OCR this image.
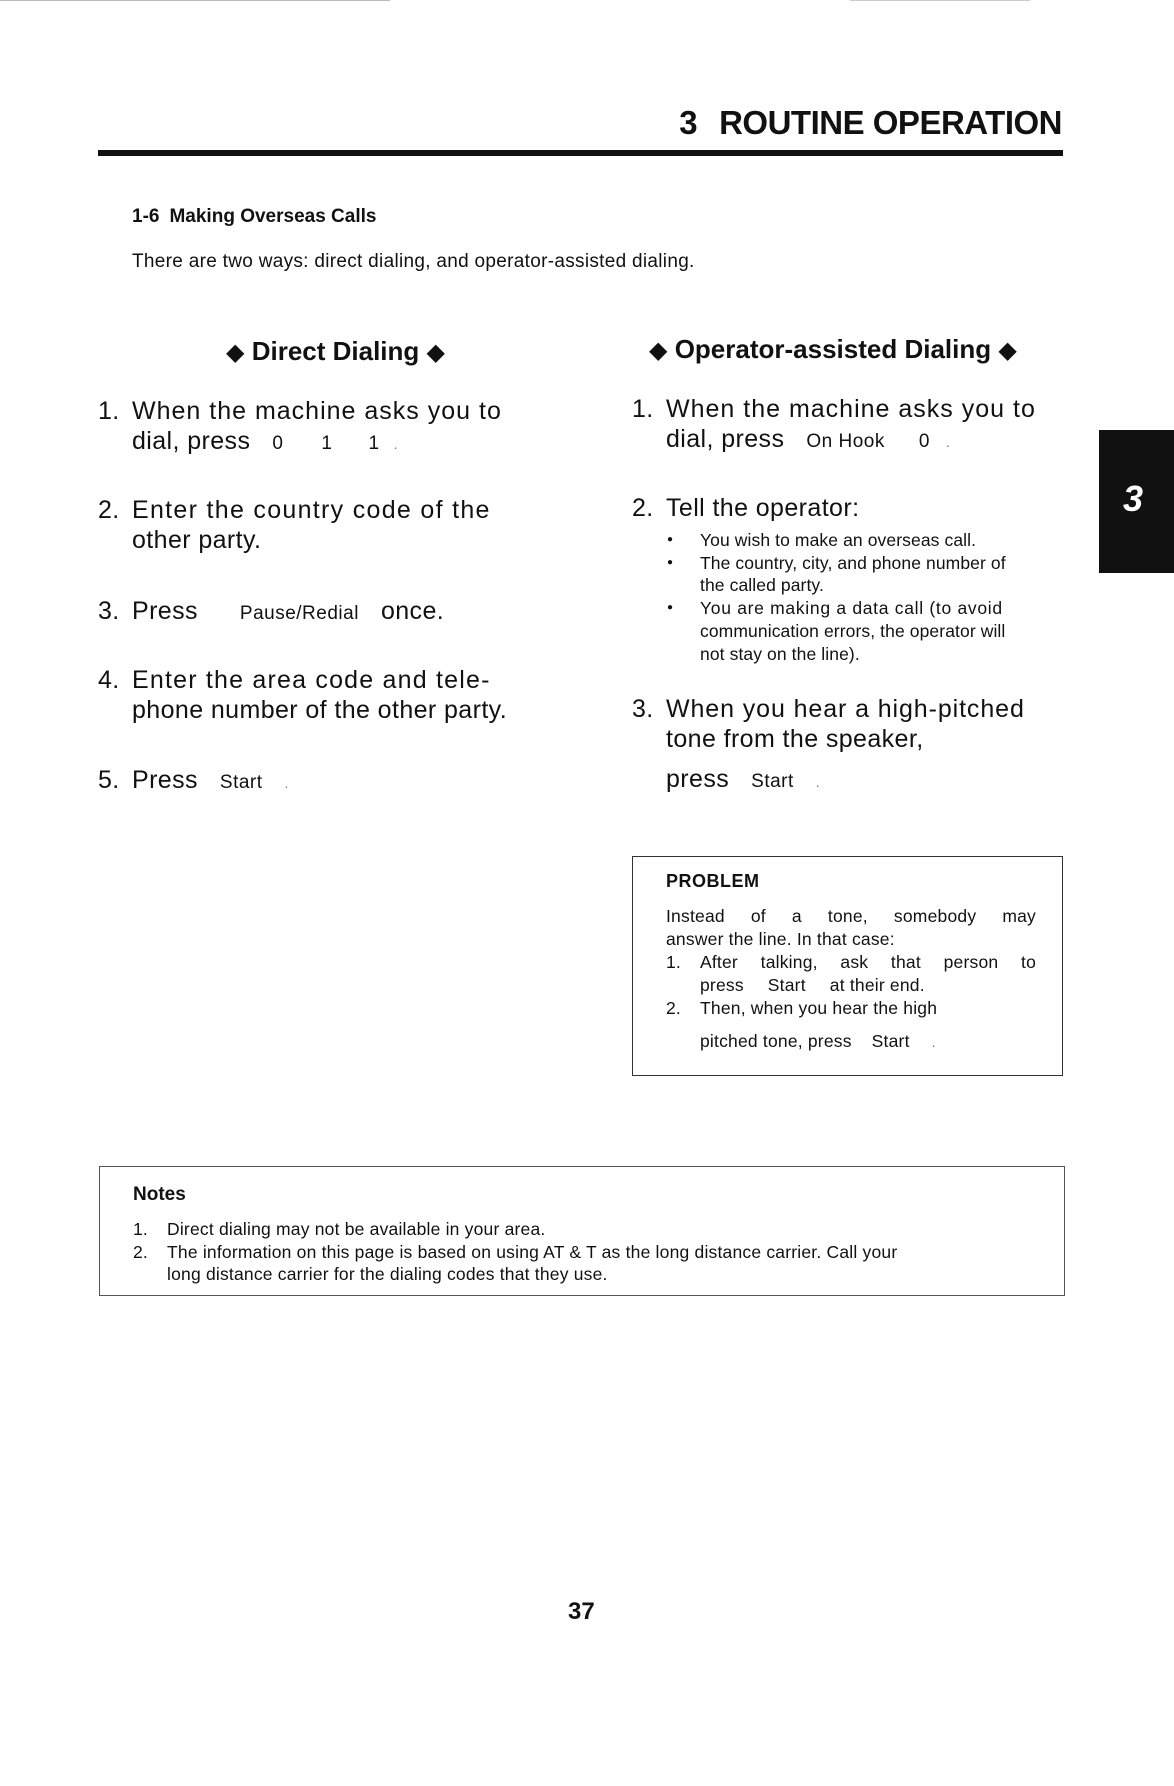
3 ROUTINE OPERATION
3
1-6 Making Overseas Calls
There are two ways: direct dialing, and operator-assisted dialing.
◆ Direct Dialing ◆
1. When the machine asks you to
dial, press 0 1 1 .
2. Enter the country code of the
other party.
3. Press Pause/Redial once.
4. Enter the area code and tele-
phone number of the other party.
5. Press Start .
◆ Operator-assisted Dialing ◆
1. When the machine asks you to
dial, press On Hook 0 .
2. Tell the operator:
● You wish to make an overseas call.
● The country, city, and phone number of
the called party.
● You are making a data call (to avoid
communication errors, the operator will
not stay on the line).
3. When you hear a high-pitched
tone from the speaker,
press Start .
PROBLEM
Instead of a tone, somebody may
answer the line. In that case:
1. After talking, ask that person to
press Start at their end.
2. Then, when you hear the high
pitched tone, press Start .
Notes
1. Direct dialing may not be available in your area.
2. The information on this page is based on using AT & T as the long distance carrier. Call your
long distance carrier for the dialing codes that they use.
37
